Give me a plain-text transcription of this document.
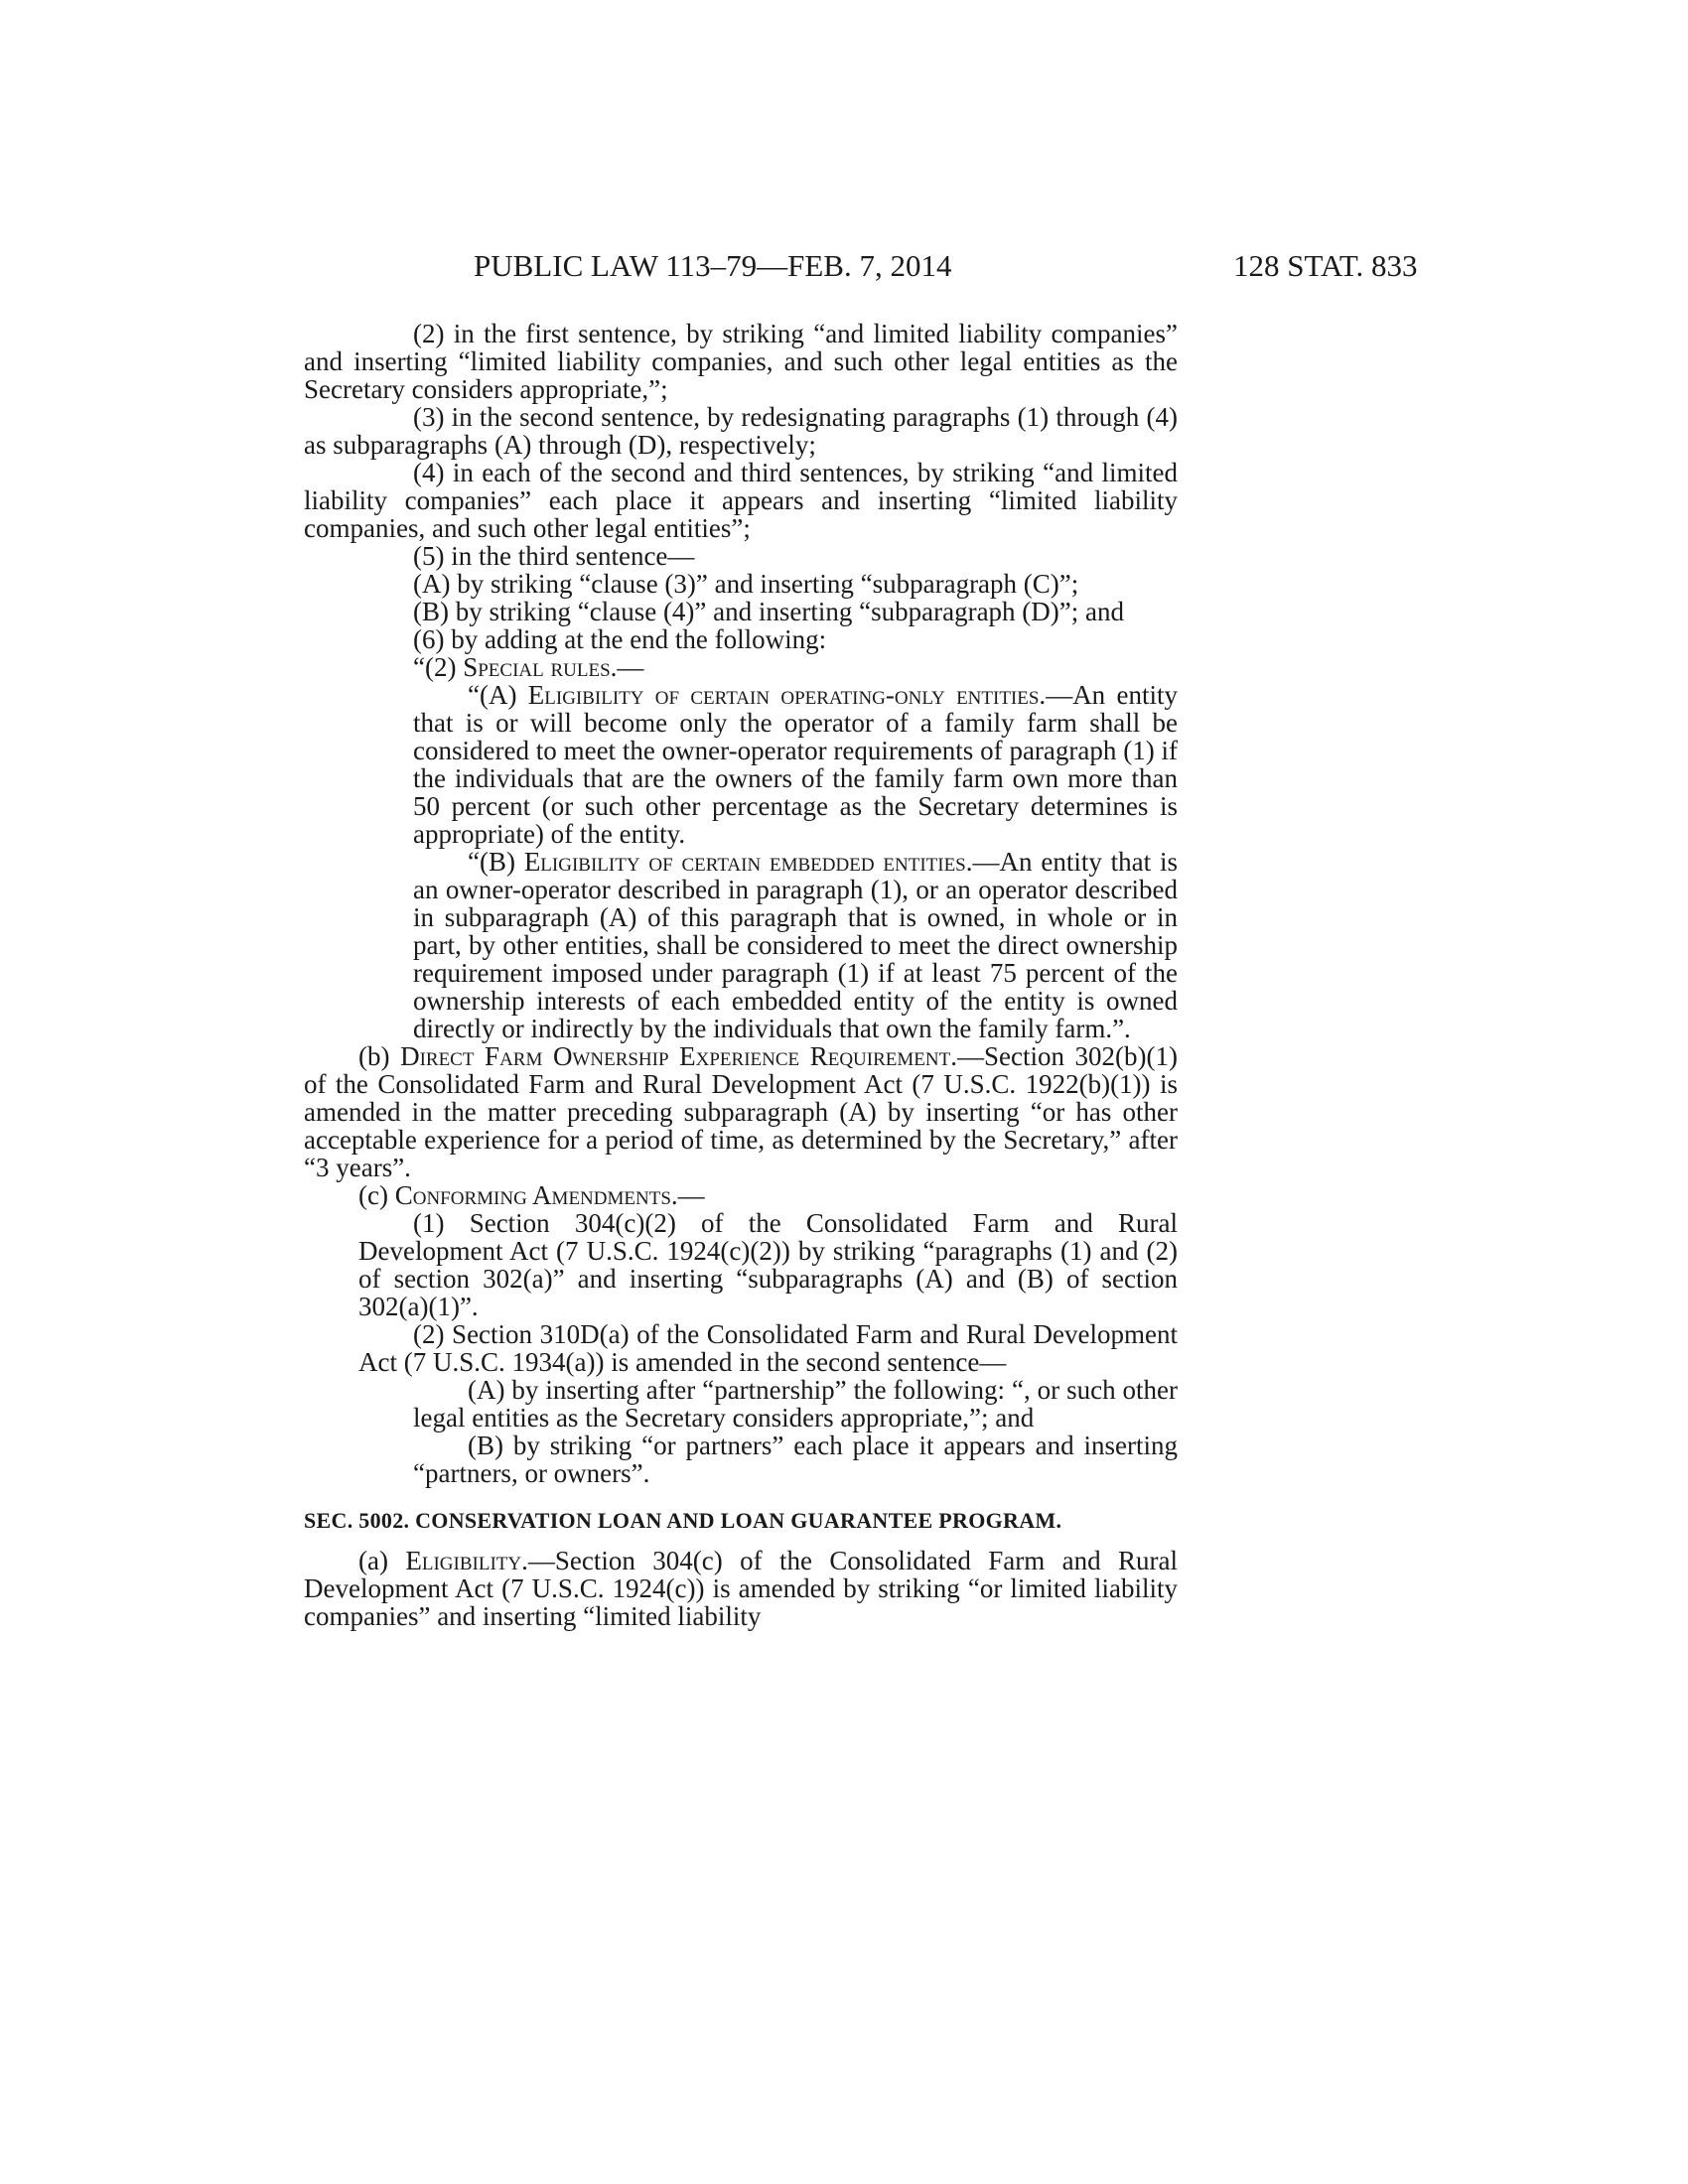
PUBLIC LAW 113–79—FEB. 7, 2014	128 STAT. 833

(2) in the first sentence, by striking “and limited liability companies” and inserting “limited liability companies, and such other legal entities as the Secretary considers appropriate,”;

(3) in the second sentence, by redesignating paragraphs (1) through (4) as subparagraphs (A) through (D), respectively;

(4) in each of the second and third sentences, by striking “and limited liability companies” each place it appears and inserting “limited liability companies, and such other legal entities”;

(5) in the third sentence—

(A) by striking “clause (3)” and inserting “subparagraph (C)”;

(B) by striking “clause (4)” and inserting “subparagraph (D)”; and

(6) by adding at the end the following:

“(2) Special rules.—

“(A) Eligibility of certain operating-only entities.—An entity that is or will become only the operator of a family farm shall be considered to meet the owner-operator requirements of paragraph (1) if the individuals that are the owners of the family farm own more than 50 percent (or such other percentage as the Secretary determines is appropriate) of the entity.

“(B) Eligibility of certain embedded entities.—An entity that is an owner-operator described in paragraph (1), or an operator described in subparagraph (A) of this paragraph that is owned, in whole or in part, by other entities, shall be considered to meet the direct ownership requirement imposed under paragraph (1) if at least 75 percent of the ownership interests of each embedded entity of the entity is owned directly or indirectly by the individuals that own the family farm.”.

(b) Direct Farm Ownership Experience Requirement.—Section 302(b)(1) of the Consolidated Farm and Rural Development Act (7 U.S.C. 1922(b)(1)) is amended in the matter preceding subparagraph (A) by inserting “or has other acceptable experience for a period of time, as determined by the Secretary,” after “3 years”.

(c) Conforming Amendments.—

(1) Section 304(c)(2) of the Consolidated Farm and Rural Development Act (7 U.S.C. 1924(c)(2)) by striking “paragraphs (1) and (2) of section 302(a)” and inserting “subparagraphs (A) and (B) of section 302(a)(1)”.

(2) Section 310D(a) of the Consolidated Farm and Rural Development Act (7 U.S.C. 1934(a)) is amended in the second sentence—

(A) by inserting after “partnership” the following: “, or such other legal entities as the Secretary considers appropriate,”; and

(B) by striking “or partners” each place it appears and inserting “partners, or owners”.

SEC. 5002. CONSERVATION LOAN AND LOAN GUARANTEE PROGRAM.

(a) Eligibility.—Section 304(c) of the Consolidated Farm and Rural Development Act (7 U.S.C. 1924(c)) is amended by striking “or limited liability companies” and inserting “limited liability
